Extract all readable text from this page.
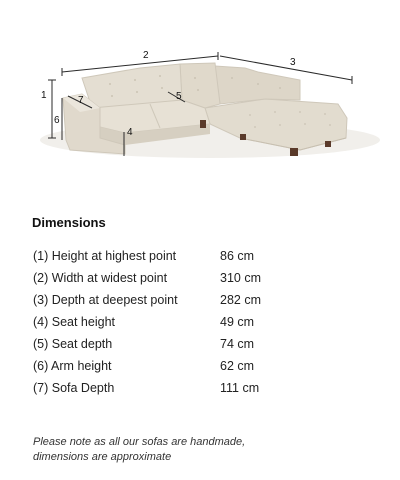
1
2
3
4
5
6
7
Dimensions
(1) Height at highest point	86 cm
(2) Width at widest point	310 cm
(3) Depth at deepest point	282 cm
(4) Seat height	49 cm
(5) Seat depth	74 cm
(6) Arm height	62 cm
(7) Sofa Depth	111 cm
Please note as all our sofas are handmade,
dimensions are approximate
